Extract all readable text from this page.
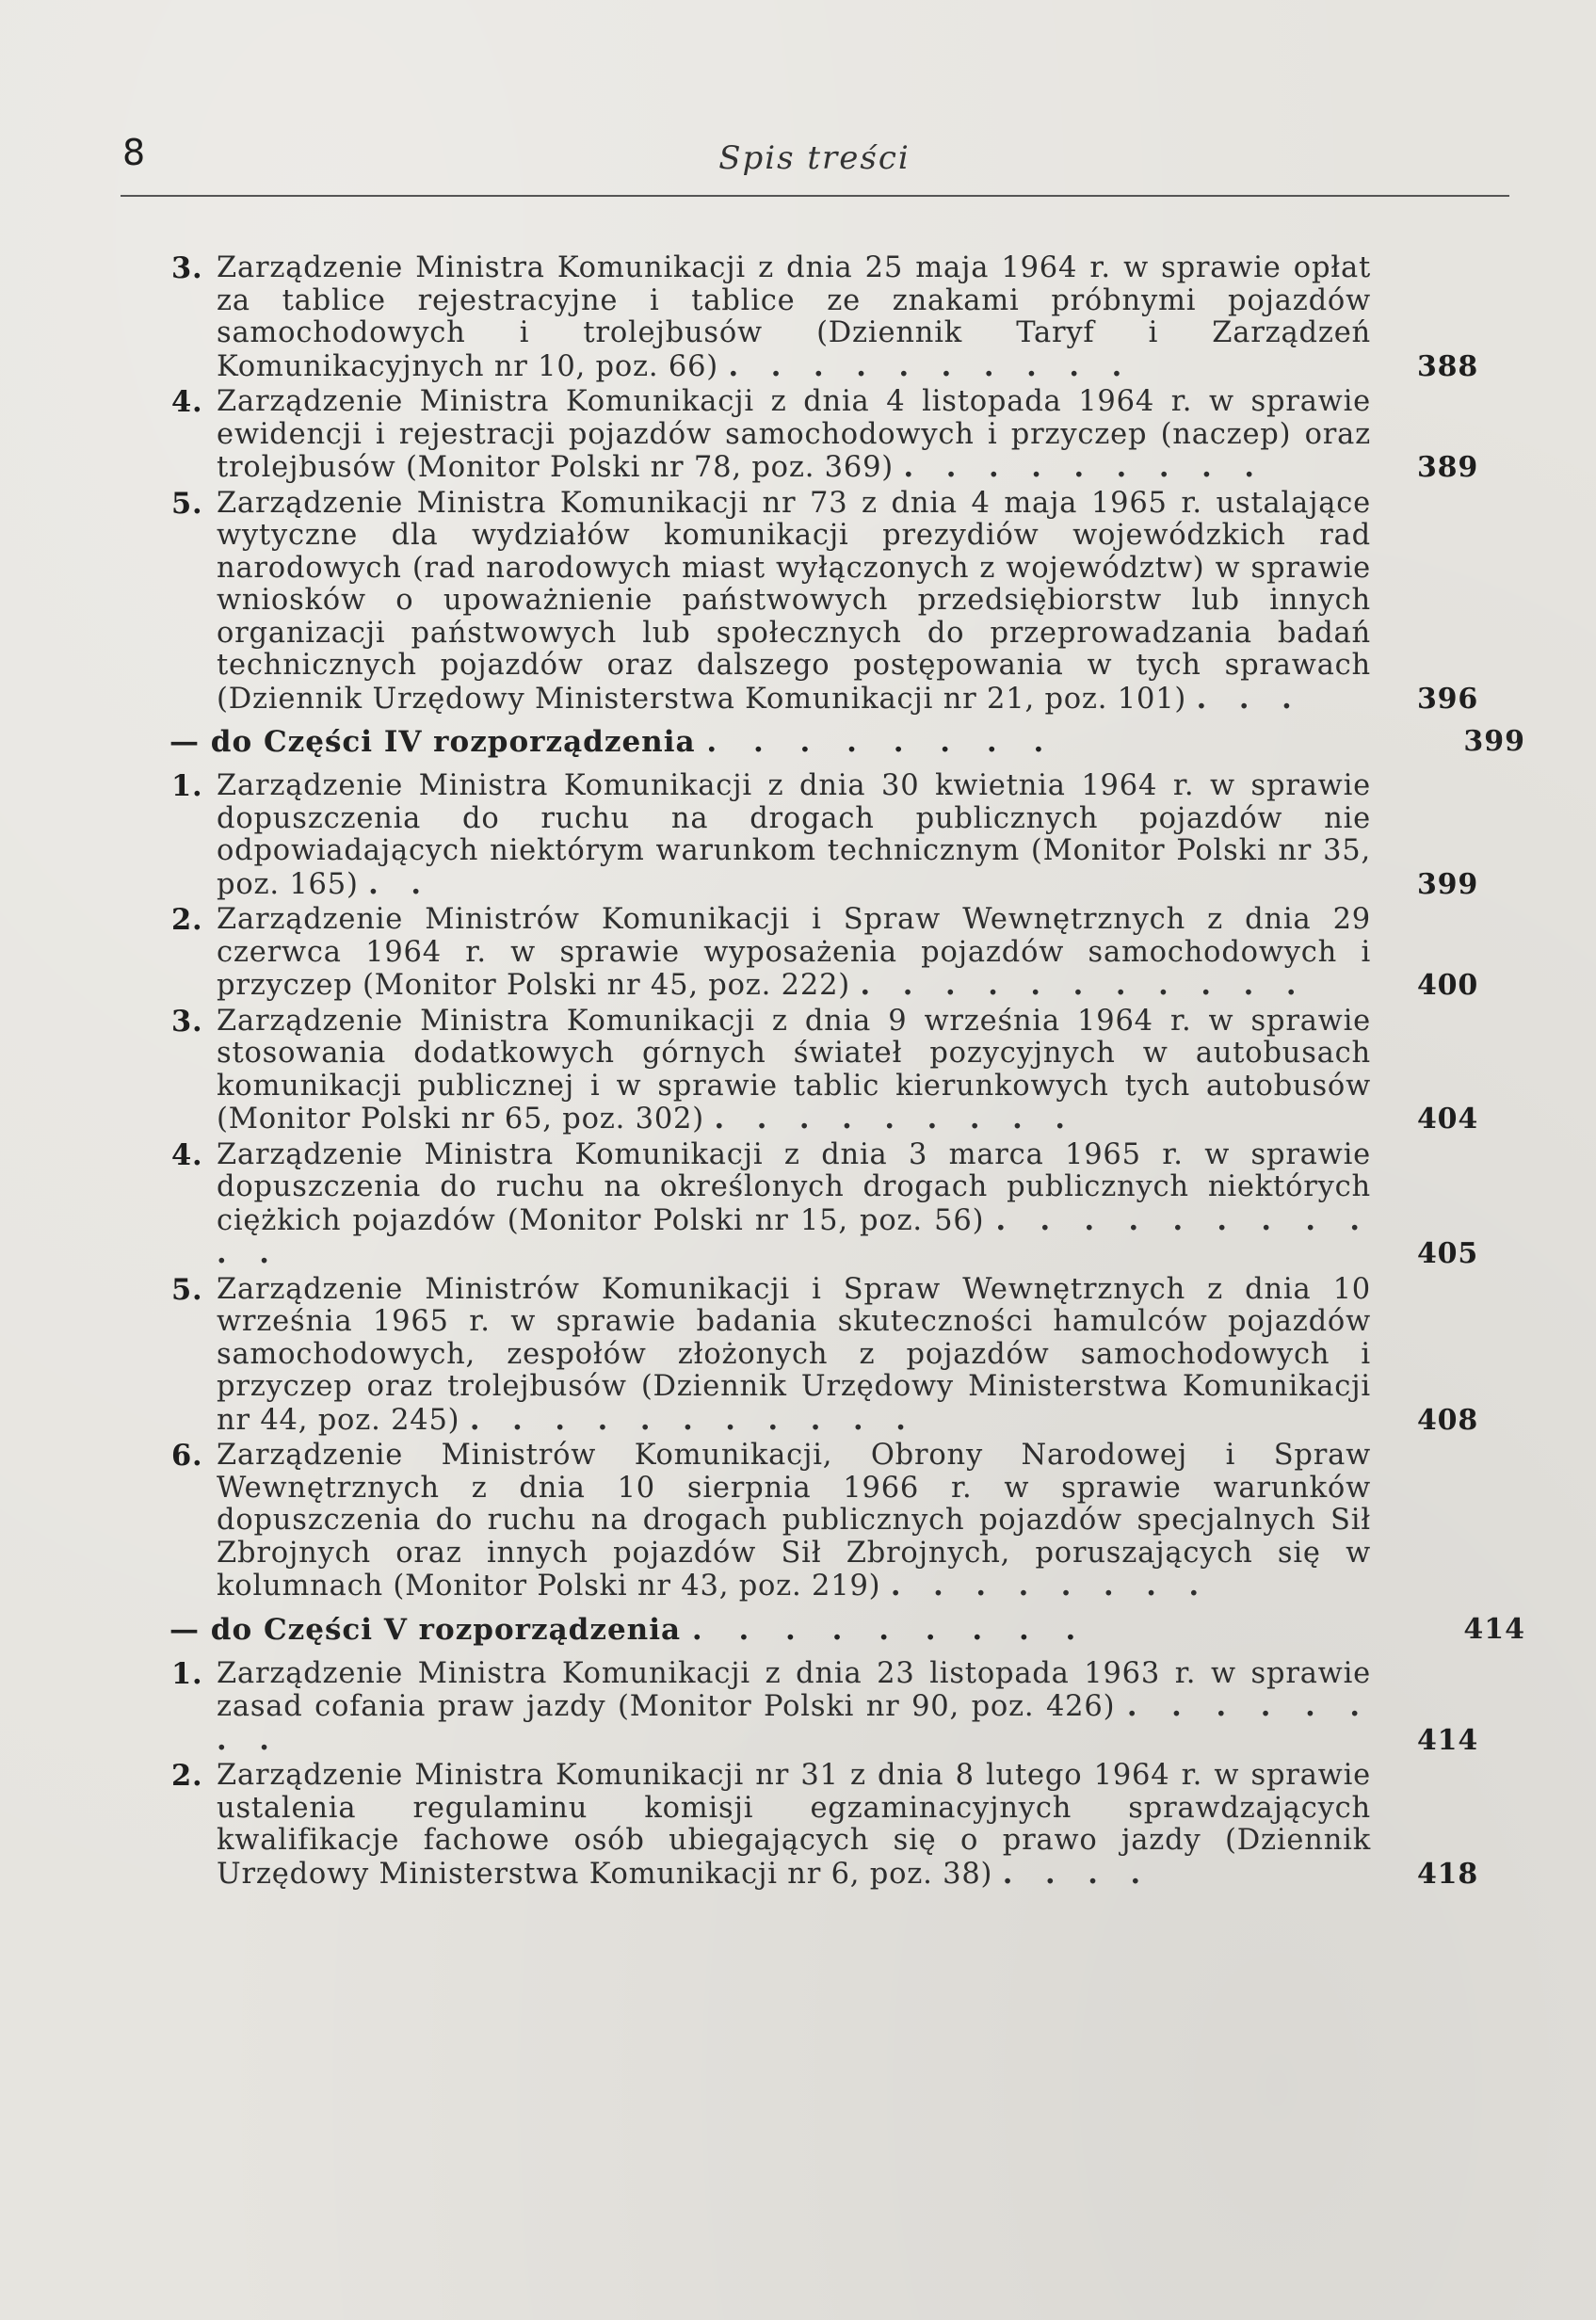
8	Spis treści
3. Zarządzenie Ministra Komunikacji z dnia 25 maja 1964 r. w sprawie opłat za tablice rejestracyjne i tablice ze znakami próbnymi pojazdów samochodowych i trolejbusów (Dziennik Taryf i Zarządzeń Komunikacyjnych nr 10, poz. 66) . . . . . . . . . .	388
4. Zarządzenie Ministra Komunikacji z dnia 4 listopada 1964 r. w sprawie ewidencji i rejestracji pojazdów samochodowych i przyczep (naczep) oraz trolejbusów (Monitor Polski nr 78, poz. 369) . . . . . . . . .	389
5. Zarządzenie Ministra Komunikacji nr 73 z dnia 4 maja 1965 r. ustalające wytyczne dla wydziałów komunikacji prezydiów wojewódzkich rad narodowych (rad narodowych miast wyłączonych z województw) w sprawie wniosków o upoważnienie państwowych przedsiębiorstw lub innych organizacji państwowych lub społecznych do przeprowadzania badań technicznych pojazdów oraz dalszego postępowania w tych sprawach (Dziennik Urzędowy Ministerstwa Komunikacji nr 21, poz. 101) . . .	396
— do Części IV rozporządzenia . . . . . . . .	399
1. Zarządzenie Ministra Komunikacji z dnia 30 kwietnia 1964 r. w sprawie dopuszczenia do ruchu na drogach publicznych pojazdów nie odpowiadających niektórym warunkom technicznym (Monitor Polski nr 35, poz. 165) . .	399
2. Zarządzenie Ministrów Komunikacji i Spraw Wewnętrznych z dnia 29 czerwca 1964 r. w sprawie wyposażenia pojazdów samochodowych i przyczep (Monitor Polski nr 45, poz. 222) . . . . . . . . . . .	400
3. Zarządzenie Ministra Komunikacji z dnia 9 września 1964 r. w sprawie stosowania dodatkowych górnych świateł pozycyjnych w autobusach komunikacji publicznej i w sprawie tablic kierunkowych tych autobusów (Monitor Polski nr 65, poz. 302) . . . . . . . . .	404
4. Zarządzenie Ministra Komunikacji z dnia 3 marca 1965 r. w sprawie dopuszczenia do ruchu na określonych drogach publicznych niektórych ciężkich pojazdów (Monitor Polski nr 15, poz. 56) . . . . . . . . . . .	405
5. Zarządzenie Ministrów Komunikacji i Spraw Wewnętrznych z dnia 10 września 1965 r. w sprawie badania skuteczności hamulców pojazdów samochodowych, zespołów złożonych z pojazdów samochodowych i przyczep oraz trolejbusów (Dziennik Urzędowy Ministerstwa Komunikacji nr 44, poz. 245) . . . . . . . . . . .	408
6. Zarządzenie Ministrów Komunikacji, Obrony Narodowej i Spraw Wewnętrznych z dnia 10 sierpnia 1966 r. w sprawie warunków dopuszczenia do ruchu na drogach publicznych pojazdów specjalnych Sił Zbrojnych oraz innych pojazdów Sił Zbrojnych, poruszających się w kolumnach (Monitor Polski nr 43, poz. 219) . . . . . . . .
— do Części V rozporządzenia . . . . . . . . .	414
1. Zarządzenie Ministra Komunikacji z dnia 23 listopada 1963 r. w sprawie zasad cofania praw jazdy (Monitor Polski nr 90, poz. 426) . . . . . . . .	414
2. Zarządzenie Ministra Komunikacji nr 31 z dnia 8 lutego 1964 r. w sprawie ustalenia regulaminu komisji egzaminacyjnych sprawdzających kwalifikacje fachowe osób ubiegających się o prawo jazdy (Dziennik Urzędowy Ministerstwa Komunikacji nr 6, poz. 38) . . . .	418
